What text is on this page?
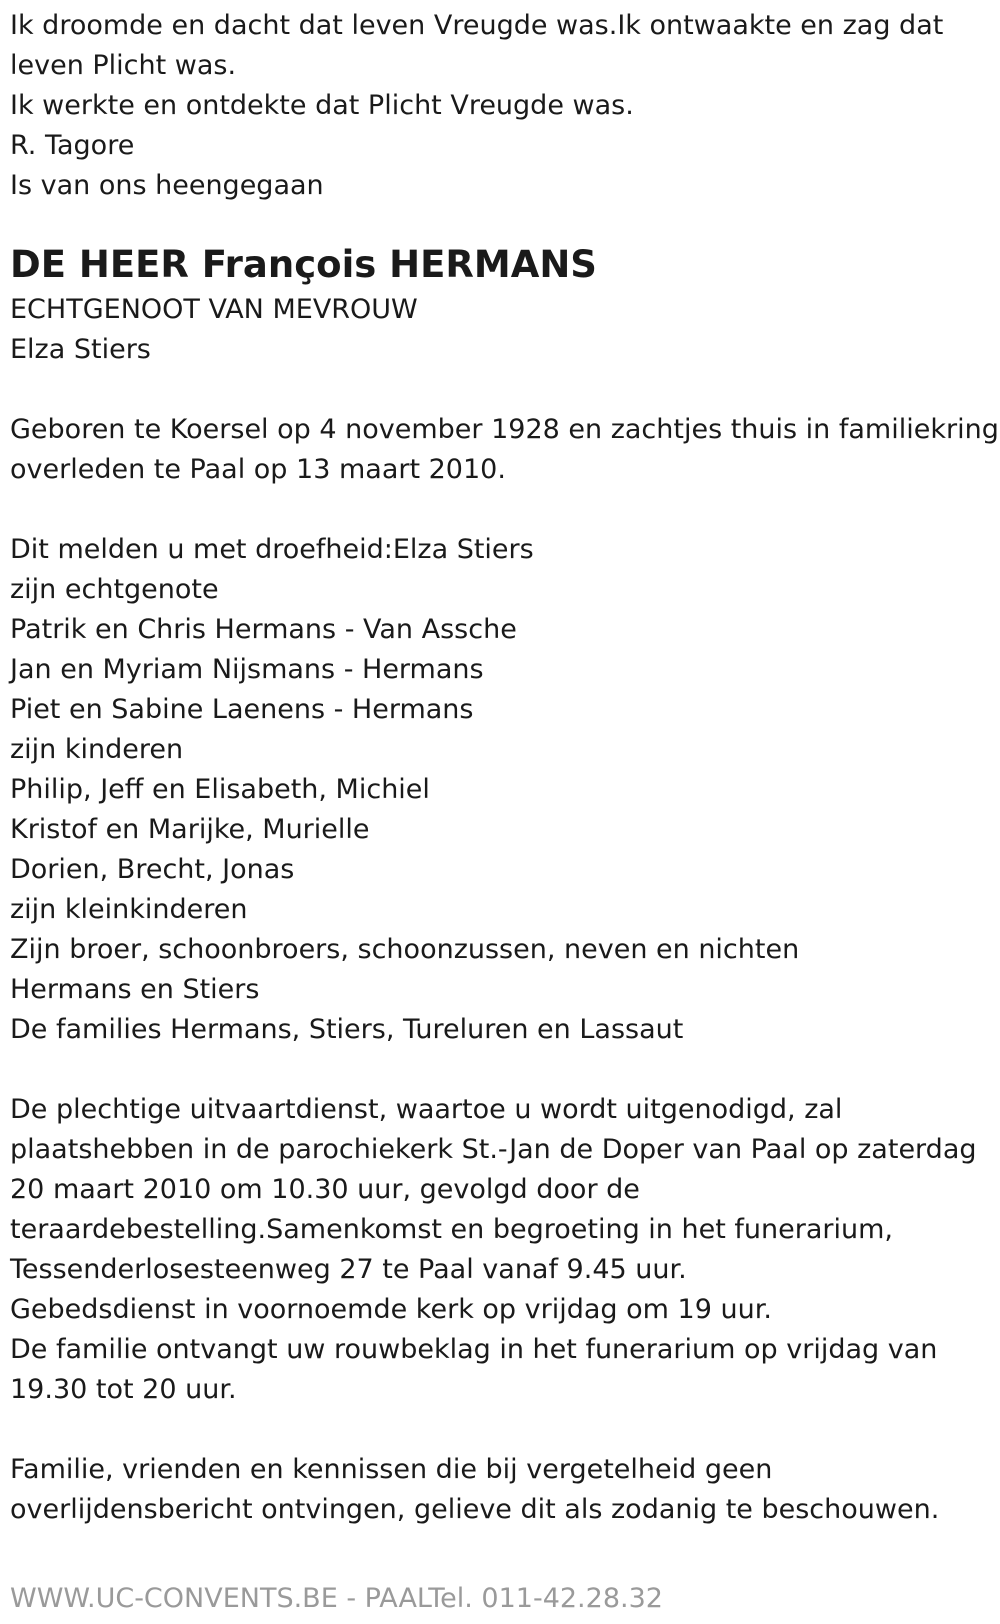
Ik droomde en dacht dat leven Vreugde was.Ik ontwaakte en zag dat

leven Plicht was.

Ik werkte en ontdekte dat Plicht Vreugde was.

R. Tagore

Is van ons heengegaan

DE HEER François HERMANS

ECHTGENOOT VAN MEVROUW

Elza Stiers

Geboren te Koersel op 4 november 1928 en zachtjes thuis in familiekring

overleden te Paal op 13 maart 2010.

Dit melden u met droefheid:Elza Stiers

zijn echtgenote

Patrik en Chris Hermans - Van Assche

Jan en Myriam Nijsmans - Hermans

Piet en Sabine Laenens - Hermans

zijn kinderen

Philip, Jeff en Elisabeth, Michiel

Kristof en Marijke, Murielle

Dorien, Brecht, Jonas

zijn kleinkinderen

Zijn broer, schoonbroers, schoonzussen, neven en nichten

Hermans en Stiers

De families Hermans, Stiers, Tureluren en Lassaut

De plechtige uitvaartdienst, waartoe u wordt uitgenodigd, zal

plaatshebben in de parochiekerk St.-Jan de Doper van Paal op zaterdag

20 maart 2010 om 10.30 uur, gevolgd door de

teraardebestelling.Samenkomst en begroeting in het funerarium,

Tessenderlosesteenweg 27 te Paal vanaf 9.45 uur.

Gebedsdienst in voornoemde kerk op vrijdag om 19 uur.

De familie ontvangt uw rouwbeklag in het funerarium op vrijdag van

19.30 tot 20 uur.

Familie, vrienden en kennissen die bij vergetelheid geen

overlijdensbericht ontvingen, gelieve dit als zodanig te beschouwen.

WWW.UC-CONVENTS.BE - PAALTel. 011-42.28.32
